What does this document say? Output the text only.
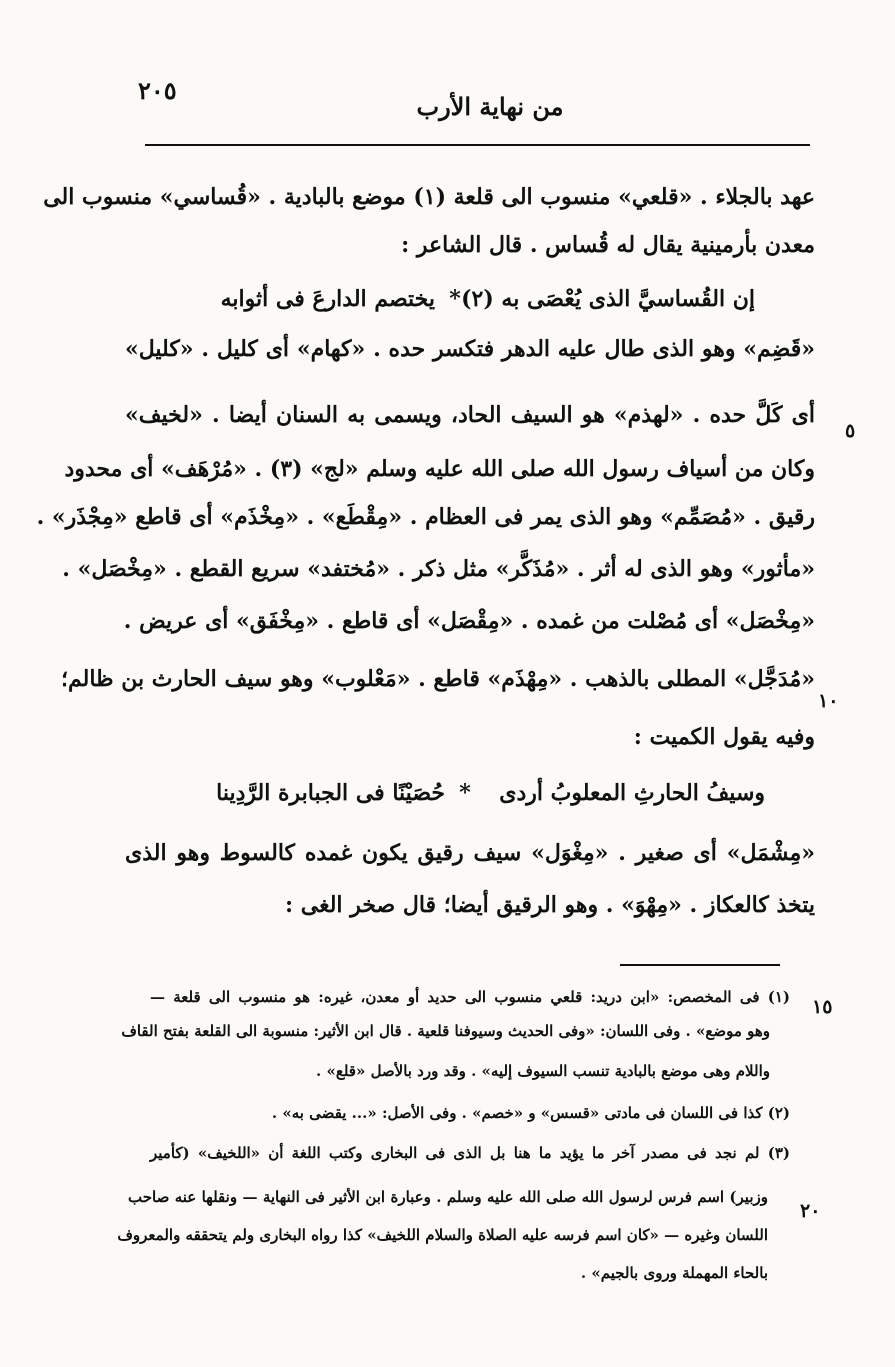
من نهاية الأرب
٢٠٥
عهد بالجلاء . «قلعي» منسوب الى قلعة (١) موضع بالبادية . «قُساسي» منسوب الى
معدن بأرمينية يقال له قُساس . قال الشاعر :
إن القُساسيَّ الذى يُعْصَى به (٢)
*
يختصم الدارعَ فى أثوابه
«قَضِم» وهو الذى طال عليه الدهر فتكسر حده . «كهام» أى كليل . «كليل»
أى كَلَّ حده . «لهذم» هو السيف الحاد، ويسمى به السنان أيضا . «لخيف»
وكان من أسياف رسول الله صلى الله عليه وسلم «لج» (٣) . «مُرْهَف» أى محدود
رقيق . «مُصَمِّم» وهو الذى يمر فى العظام . «مِقْطَع» . «مِخْذَم» أى قاطع «مِجْذَر» .
«مأثور» وهو الذى له أثر . «مُذَكَّر» مثل ذكر . «مُختفد» سريع القطع . «مِخْصَل» .
«مِخْصَل» أى مُصْلت من غمده . «مِقْصَل» أى قاطع . «مِخْفَق» أى عريض .
«مُدَجَّل» المطلى بالذهب . «مِهْذَم» قاطع . «مَعْلوب» وهو سيف الحارث بن ظالم؛
وفيه يقول الكميت :
وسيفُ الحارثِ المعلوبُ أردى
*
حُصَيْنًا فى الجبابرة الرَّدِينا
«مِشْمَل» أى صغير . «مِغْوَل» سيف رقيق يكون غمده كالسوط وهو الذى
يتخذ كالعكاز . «مِهْوَ» . وهو الرقيق أيضا؛ قال صخر الغى :
٥
١٠
١٥
٢٠
(١) فى المخصص: «ابن دريد: قلعي منسوب الى حديد أو معدن، غيره: هو منسوب الى قلعة —
وهو موضع» . وفى اللسان: «وفى الحديث وسيوفنا قلعية . قال ابن الأثير: منسوبة الى القلعة بفتح القاف
واللام وهى موضع بالبادية تنسب السيوف إليه» . وقد ورد بالأصل «قلع» .
(٢) كذا فى اللسان فى مادتى «قسس» و «خصم» . وفى الأصل: «... يقضى به» .
(٣) لم نجد فى مصدر آخر ما يؤيد ما هنا بل الذى فى البخارى وكتب اللغة أن «اللخيف» (كأمير
وزبير) اسم فرس لرسول الله صلى الله عليه وسلم . وعبارة ابن الأثير فى النهاية — ونقلها عنه صاحب
اللسان وغيره — «كان اسم فرسه عليه الصلاة والسلام اللخيف» كذا رواه البخارى ولم يتحققه والمعروف
بالحاء المهملة وروى بالجيم» .
